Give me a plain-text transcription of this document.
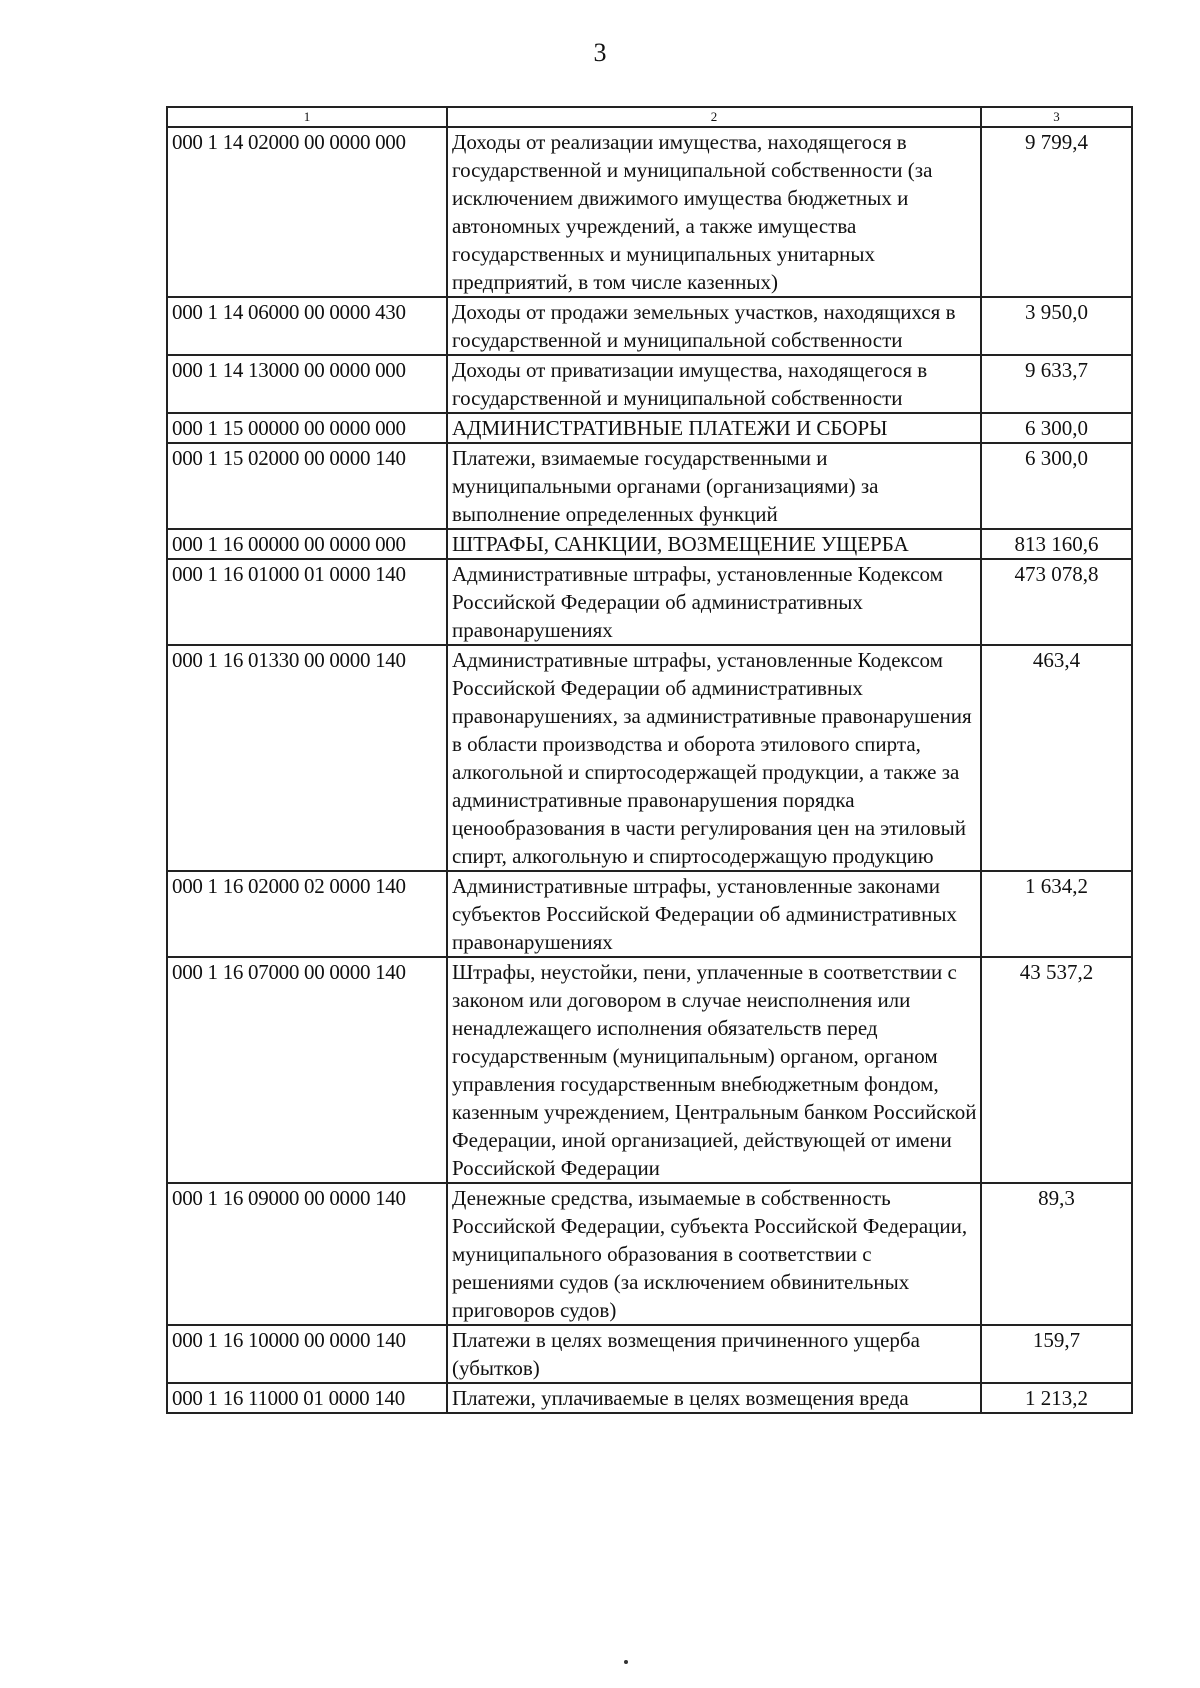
3
1	2	3
000 1 14 02000 00 0000 000	Доходы от реализации имущества, находящегося в государственной и муниципальной собственности (за исключением движимого имущества бюджетных и автономных учреждений, а также имущества государственных и муниципальных унитарных предприятий, в том числе казенных)	9 799,4
000 1 14 06000 00 0000 430	Доходы от продажи земельных участков, находящихся в государственной и муниципальной собственности	3 950,0
000 1 14 13000 00 0000 000	Доходы от приватизации имущества, находящегося в государственной и муниципальной собственности	9 633,7
000 1 15 00000 00 0000 000	АДМИНИСТРАТИВНЫЕ ПЛАТЕЖИ И СБОРЫ	6 300,0
000 1 15 02000 00 0000 140	Платежи, взимаемые государственными и муниципальными органами (организациями) за выполнение определенных функций	6 300,0
000 1 16 00000 00 0000 000	ШТРАФЫ, САНКЦИИ, ВОЗМЕЩЕНИЕ УЩЕРБА	813 160,6
000 1 16 01000 01 0000 140	Административные штрафы, установленные Кодексом Российской Федерации об административных правонарушениях	473 078,8
000 1 16 01330 00 0000 140	Административные штрафы, установленные Кодексом Российской Федерации об административных правонарушениях, за административные правонарушения в области производства и оборота этилового спирта, алкогольной и спиртосодержащей продукции, а также за административные правонарушения порядка ценообразования в части регулирования цен на этиловый спирт, алкогольную и спиртосодержащую продукцию	463,4
000 1 16 02000 02 0000 140	Административные штрафы, установленные законами субъектов Российской Федерации об административных правонарушениях	1 634,2
000 1 16 07000 00 0000 140	Штрафы, неустойки, пени, уплаченные в соответствии с законом или договором в случае неисполнения или ненадлежащего исполнения обязательств перед государственным (муниципальным) органом, органом управления государственным внебюджетным фондом, казенным учреждением, Центральным банком Российской Федерации, иной организацией, действующей от имени Российской Федерации	43 537,2
000 1 16 09000 00 0000 140	Денежные средства, изымаемые в собственность Российской Федерации, субъекта Российской Федерации, муниципального образования в соответствии с решениями судов (за исключением обвинительных приговоров судов)	89,3
000 1 16 10000 00 0000 140	Платежи в целях возмещения причиненного ущерба (убытков)	159,7
000 1 16 11000 01 0000 140	Платежи, уплачиваемые в целях возмещения вреда	1 213,2
